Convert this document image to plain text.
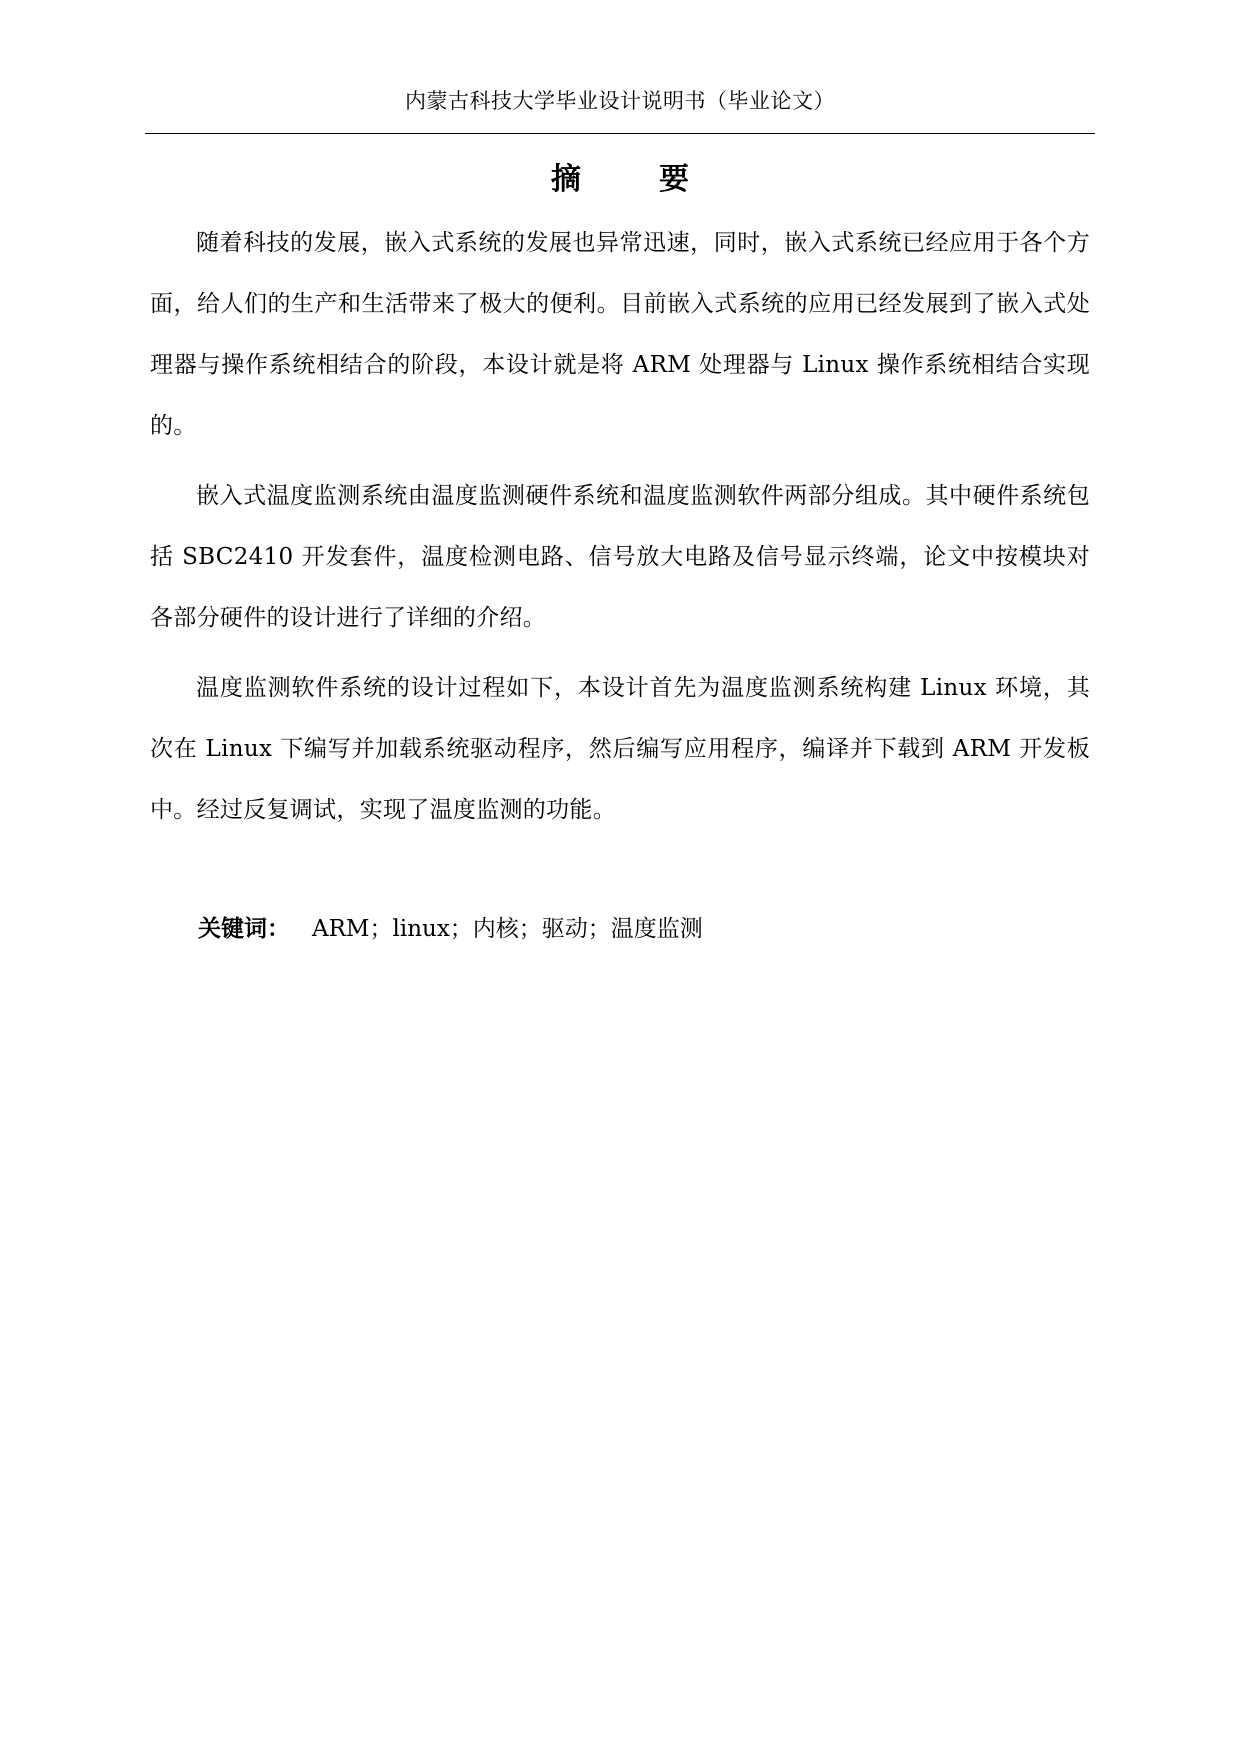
内蒙古科技大学毕业设计说明书（毕业论文）
摘　要

随着科技的发展，嵌入式系统的发展也异常迅速，同时，嵌入式系统已经应用于各个方面，给人们的生产和生活带来了极大的便利。目前嵌入式系统的应用已经发展到了嵌入式处理器与操作系统相结合的阶段，本设计就是将 ARM 处理器与 Linux 操作系统相结合实现的。

嵌入式温度监测系统由温度监测硬件系统和温度监测软件两部分组成。其中硬件系统包括 SBC2410 开发套件，温度检测电路、信号放大电路及信号显示终端，论文中按模块对各部分硬件的设计进行了详细的介绍。

温度监测软件系统的设计过程如下，本设计首先为温度监测系统构建 Linux 环境，其次在 Linux 下编写并加载系统驱动程序，然后编写应用程序，编译并下载到 ARM 开发板中。经过反复调试，实现了温度监测的功能。

关键词： ARM；linux；内核；驱动；温度监测
